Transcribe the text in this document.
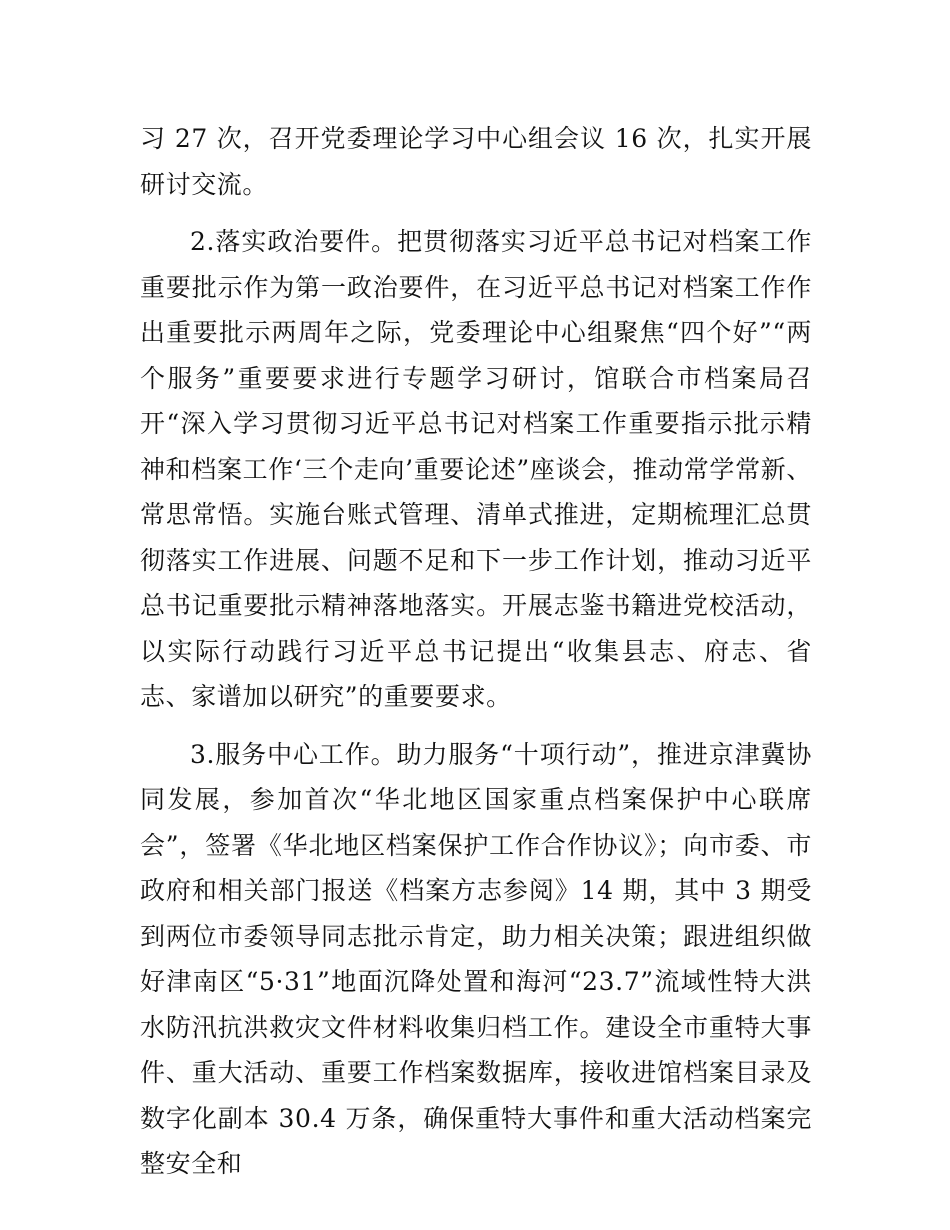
习 27 次，召开党委理论学习中心组会议 16 次，扎实开展研讨交流。

2.落实政治要件。把贯彻落实习近平总书记对档案工作重要批示作为第一政治要件，在习近平总书记对档案工作作出重要批示两周年之际，党委理论中心组聚焦“四个好”“两个服务”重要要求进行专题学习研讨，馆联合市档案局召开“深入学习贯彻习近平总书记对档案工作重要指示批示精神和档案工作‘三个走向’重要论述”座谈会，推动常学常新、常思常悟。实施台账式管理、清单式推进，定期梳理汇总贯彻落实工作进展、问题不足和下一步工作计划，推动习近平总书记重要批示精神落地落实。开展志鉴书籍进党校活动，以实际行动践行习近平总书记提出“收集县志、府志、省志、家谱加以研究”的重要要求。

3.服务中心工作。助力服务“十项行动”，推进京津冀协同发展，参加首次“华北地区国家重点档案保护中心联席会”，签署《华北地区档案保护工作合作协议》；向市委、市政府和相关部门报送《档案方志参阅》14 期，其中 3 期受到两位市委领导同志批示肯定，助力相关决策；跟进组织做好津南区“5·31”地面沉降处置和海河“23.7”流域性特大洪水防汛抗洪救灾文件材料收集归档工作。建设全市重特大事件、重大活动、重要工作档案数据库，接收进馆档案目录及数字化副本 30.4 万条，确保重特大事件和重大活动档案完整安全和
